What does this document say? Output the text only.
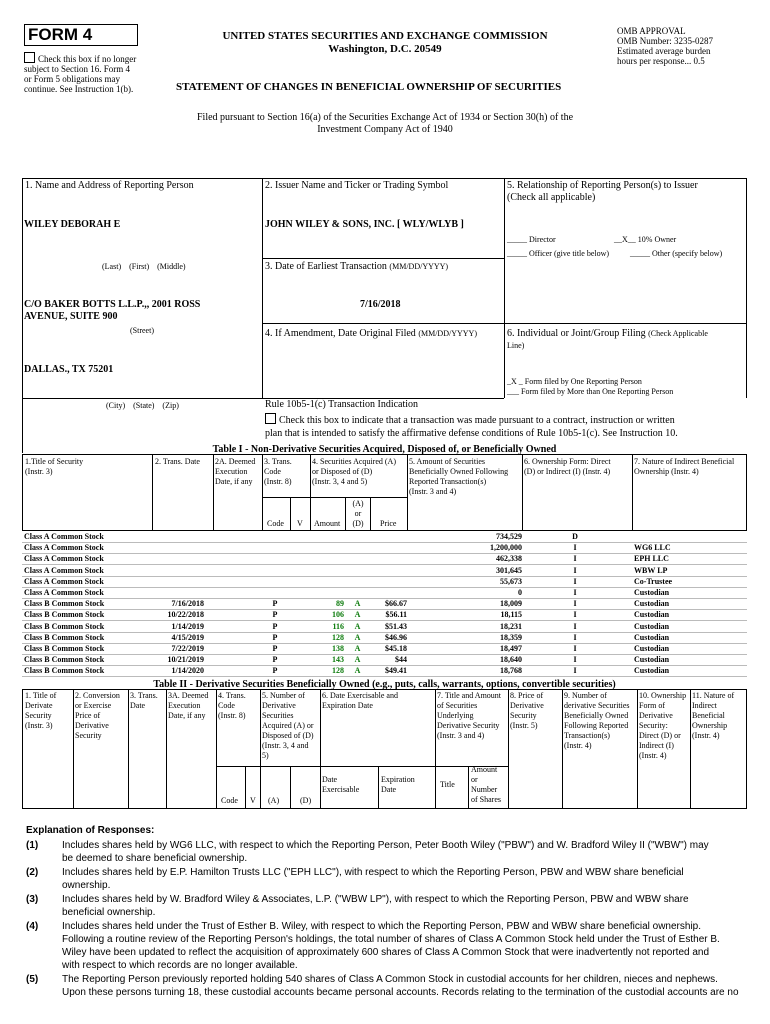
FORM 4
Check this box if no longer
subject to Section 16. Form 4
or Form 5 obligations may
continue. See Instruction 1(b).
UNITED STATES SECURITIES AND EXCHANGE COMMISSION
Washington, D.C. 20549
STATEMENT OF CHANGES IN BENEFICIAL OWNERSHIP OF SECURITIES
OMB APPROVAL
OMB Number: 3235-0287
Estimated average burden
hours per response... 0.5
Filed pursuant to Section 16(a) of the Securities Exchange Act of 1934 or Section 30(h) of the
Investment Company Act of 1940
1. Name and Address of Reporting Person
WILEY DEBORAH E
(Last)    (First)    (Middle)
C/O BAKER BOTTS L.L.P.,, 2001 ROSS
AVENUE, SUITE 900
(Street)
DALLAS., TX 75201
(City)    (State)    (Zip)
2. Issuer Name and Ticker or Trading Symbol
JOHN WILEY & SONS, INC. [ WLY/WLYB ]
3. Date of Earliest Transaction (MM/DD/YYYY)
7/16/2018
4. If Amendment, Date Original Filed (MM/DD/YYYY)
5. Relationship of Reporting Person(s) to Issuer
(Check all applicable)
_____ Director	__X__ 10% Owner
_____ Officer (give title below)	_____ Other (specify below)
6. Individual or Joint/Group Filing (Check Applicable
Line)
_X _ Form filed by One Reporting Person
___ Form filed by More than One Reporting Person
Rule 10b5-1(c) Transaction Indication
Check this box to indicate that a transaction was made pursuant to a contract, instruction or written
plan that is intended to satisfy the affirmative defense conditions of Rule 10b5-1(c). See Instruction 10.
Table I - Non-Derivative Securities Acquired, Disposed of, or Beneficially Owned
1.Title of Security
(Instr. 3)
2. Trans. Date 2A. Deemed
Execution
Date, if any
3. Trans.
Code
(Instr. 8)
4. Securities Acquired (A)
or Disposed of (D)
(Instr. 3, 4 and 5)
5. Amount of Securities
Beneficially Owned Following
Reported Transaction(s)
(Instr. 3 and 4)
6. Ownership Form: Direct
(D) or Indirect (I) (Instr. 4)
7. Nature of Indirect Beneficial
Ownership (Instr. 4)
Code V Amount
(A)
or
(D)	Price
Class A Common Stock	734,529	D
Class A Common Stock	1,200,000	I	WG6 LLC
Class A Common Stock	462,338	I	EPH LLC
Class A Common Stock	301,645	I	WBW LP
Class A Common Stock	55,673	I	Co-Trustee
Class A Common Stock	0	I	Custodian
Class B Common Stock	7/16/2018	P	89	A	$66.67	18,009	I	Custodian
Class B Common Stock	10/22/2018	P	106	A	$56.11	18,115	I	Custodian
Class B Common Stock	1/14/2019	P	116	A	$51.43	18,231	I	Custodian
Class B Common Stock	4/15/2019	P	128	A	$46.96	18,359	I	Custodian
Class B Common Stock	7/22/2019	P	138	A	$45.18	18,497	I	Custodian
Class B Common Stock	10/21/2019	P	143	A	$44	18,640	I	Custodian
Class B Common Stock	1/14/2020	P	128	A	$49.41	18,768	I	Custodian
Table II - Derivative Securities Beneficially Owned (e.g., puts, calls, warrants, options, convertible securities)
1. Title of
Derivate
Security
(Instr. 3)
2. Conversion
or Exercise
Price of
Derivative
Security
3. Trans.
Date
3A. Deemed
Execution
Date, if any
4. Trans.
Code
(Instr. 8)
5. Number of
Derivative
Securities
Acquired (A) or
Disposed of (D)
(Instr. 3, 4 and
5)
6. Date Exercisable and
Expiration Date
7. Title and Amount
of Securities
Underlying
Derivative Security
(Instr. 3 and 4)
8. Price of
Derivative
Security
(Instr. 5)
9. Number of
derivative Securities
Beneficially Owned
Following Reported
Transaction(s)
(Instr. 4)
10. Ownership
Form of
Derivative
Security:
Direct (D) or
Indirect (I)
(Instr. 4)
11. Nature of
Indirect
Beneficial
Ownership
(Instr. 4)
Code V (A)	(D)
Date
Exercisable
Expiration
Date
Title
Amount
or
Number
of Shares
Explanation of Responses:
(1) Includes shares held by WG6 LLC, with respect to which the Reporting Person, Peter Booth Wiley ("PBW") and W. Bradford Wiley II ("WBW") may
be deemed to share beneficial ownership.
(2) Includes shares held by E.P. Hamilton Trusts LLC ("EPH LLC"), with respect to which the Reporting Person, PBW and WBW share beneficial
ownership.
(3) Includes shares held by W. Bradford Wiley & Associates, L.P. ("WBW LP"), with respect to which the Reporting Person, PBW and WBW share
beneficial ownership.
(4) Includes shares held under the Trust of Esther B. Wiley, with respect to which the Reporting Person, PBW and WBW share beneficial ownership.
Following a routine review of the Reporting Person's holdings, the total number of shares of Class A Common Stock held under the Trust of Esther B.
Wiley have been updated to reflect the acquisition of approximately 600 shares of Class A Common Stock that were inadvertently not reported and
with respect to which records are no longer available.
(5) The Reporting Person previously reported holding 540 shares of Class A Common Stock in custodial accounts for her children, nieces and nephews.
Upon these persons turning 18, these custodial accounts became personal accounts. Records relating to the termination of the custodial accounts are no
